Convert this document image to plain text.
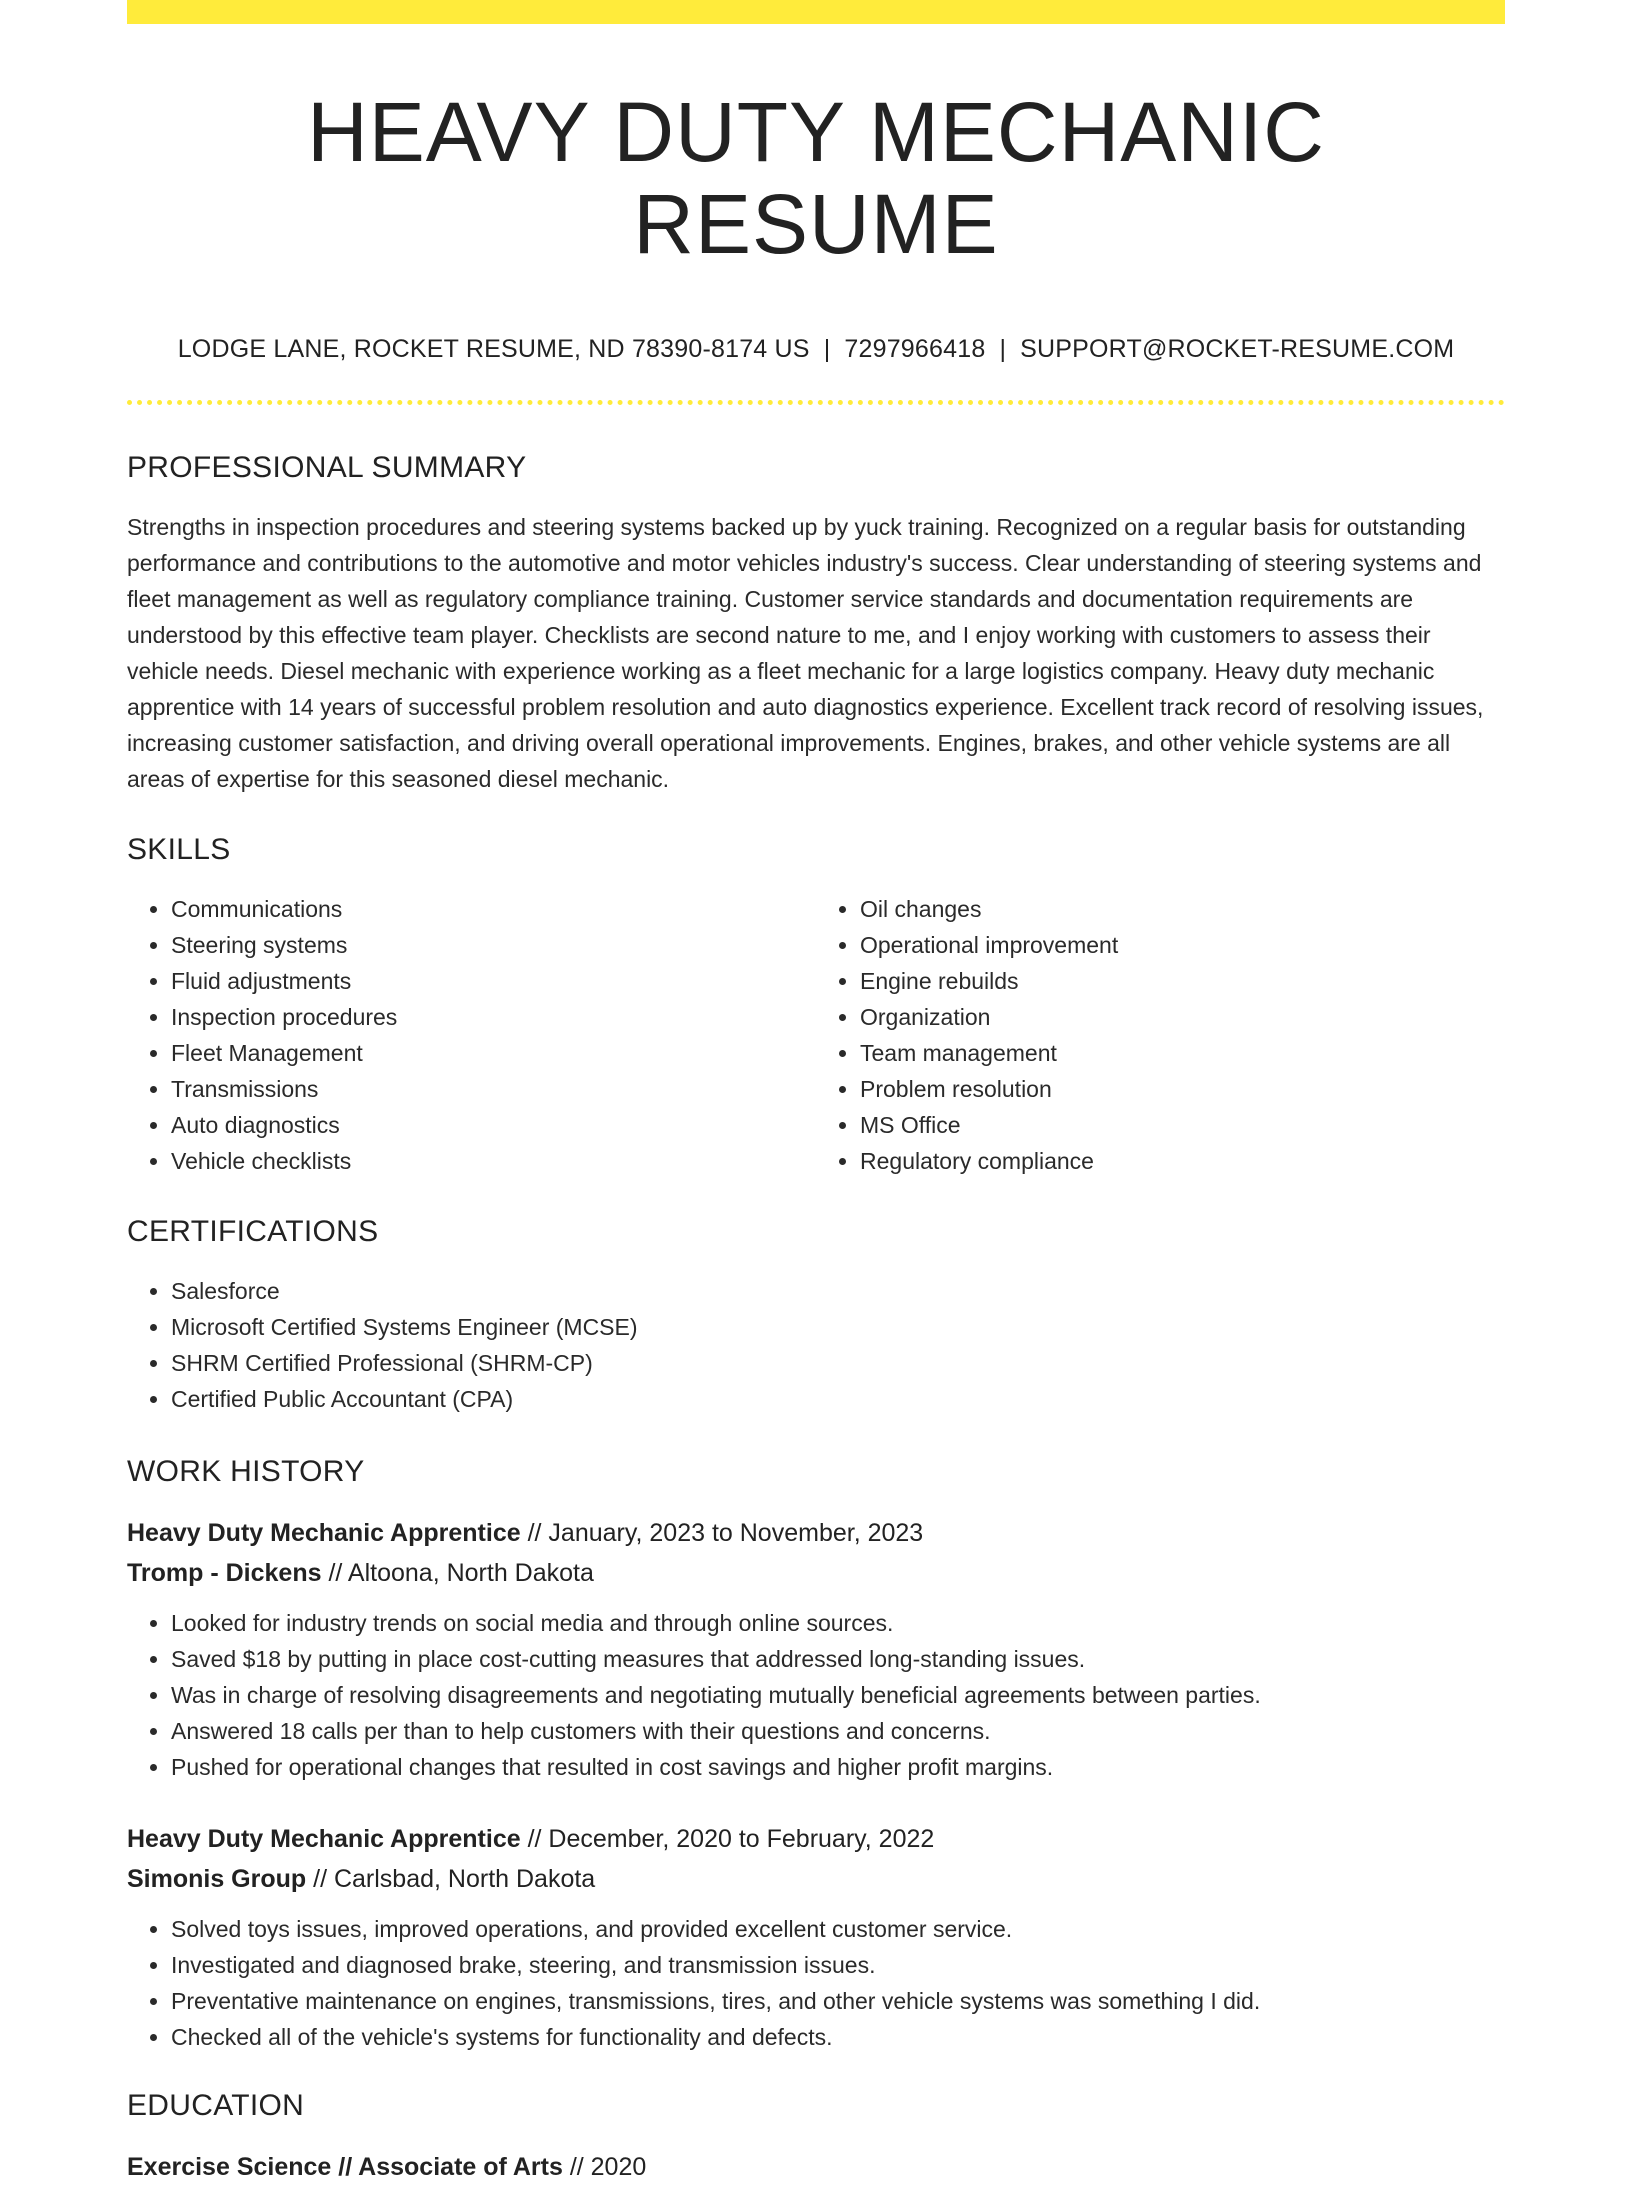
HEAVY DUTY MECHANIC RESUME
LODGE LANE, ROCKET RESUME, ND 78390-8174 US | 7297966418 | SUPPORT@ROCKET-RESUME.COM
PROFESSIONAL SUMMARY

Strengths in inspection procedures and steering systems backed up by yuck training. Recognized on a regular basis for outstanding performance and contributions to the automotive and motor vehicles industry's success. Clear understanding of steering systems and fleet management as well as regulatory compliance training. Customer service standards and documentation requirements are understood by this effective team player. Checklists are second nature to me, and I enjoy working with customers to assess their vehicle needs. Diesel mechanic with experience working as a fleet mechanic for a large logistics company. Heavy duty mechanic apprentice with 14 years of successful problem resolution and auto diagnostics experience. Excellent track record of resolving issues, increasing customer satisfaction, and driving overall operational improvements. Engines, brakes, and other vehicle systems are all areas of expertise for this seasoned diesel mechanic.

SKILLS
• Communications
• Steering systems
• Fluid adjustments
• Inspection procedures
• Fleet Management
• Transmissions
• Auto diagnostics
• Vehicle checklists
• Oil changes
• Operational improvement
• Engine rebuilds
• Organization
• Team management
• Problem resolution
• MS Office
• Regulatory compliance
CERTIFICATIONS
• Salesforce
• Microsoft Certified Systems Engineer (MCSE)
• SHRM Certified Professional (SHRM-CP)
• Certified Public Accountant (CPA)
WORK HISTORY
Heavy Duty Mechanic Apprentice // January, 2023 to November, 2023
Tromp - Dickens // Altoona, North Dakota
• Looked for industry trends on social media and through online sources.
• Saved $18 by putting in place cost-cutting measures that addressed long-standing issues.
• Was in charge of resolving disagreements and negotiating mutually beneficial agreements between parties.
• Answered 18 calls per than to help customers with their questions and concerns.
• Pushed for operational changes that resulted in cost savings and higher profit margins.
Heavy Duty Mechanic Apprentice // December, 2020 to February, 2022
Simonis Group // Carlsbad, North Dakota
• Solved toys issues, improved operations, and provided excellent customer service.
• Investigated and diagnosed brake, steering, and transmission issues.
• Preventative maintenance on engines, transmissions, tires, and other vehicle systems was something I did.
• Checked all of the vehicle's systems for functionality and defects.
EDUCATION
Exercise Science // Associate of Arts // 2020
